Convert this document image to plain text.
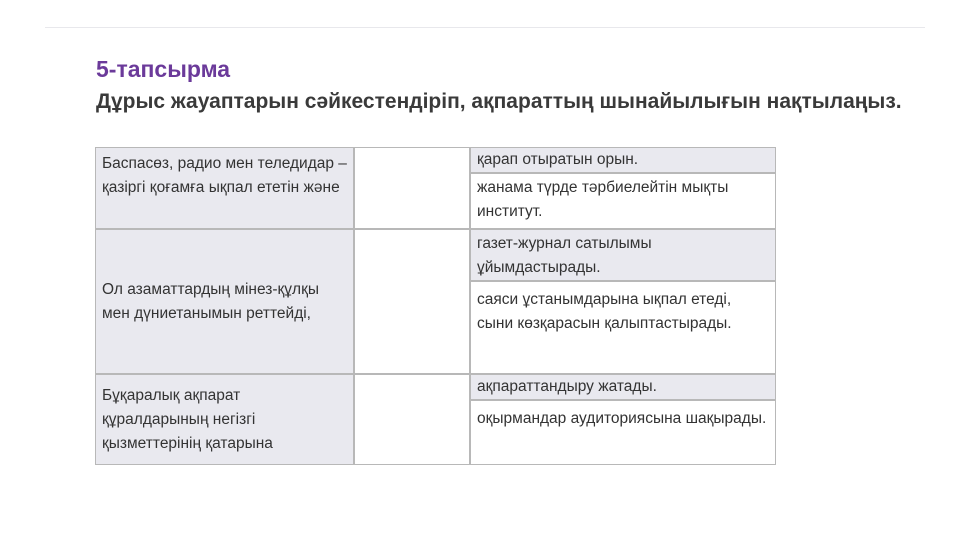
5-тапсырма
Дұрыс жауаптарын сәйкестендіріп, ақпараттың шынайылығын нақтылаңыз.
Баспасөз, радио мен теледидар – қазіргі қоғамға ықпал ететін және
Ол азаматтардың мінез-құлқы мен дүниетанымын реттейді,
Бұқаралық ақпарат құралдарының негізгі қызметтерінің қатарына
қарап отыратын орын.
жанама түрде тәрбиелейтін мықты институт.
газет-журнал сатылымы ұйымдастырады.
саяси ұстанымдарына ықпал етеді, сыни көзқарасын қалыптастырады.
ақпараттандыру жатады.
оқырмандар аудиториясына шақырады.
